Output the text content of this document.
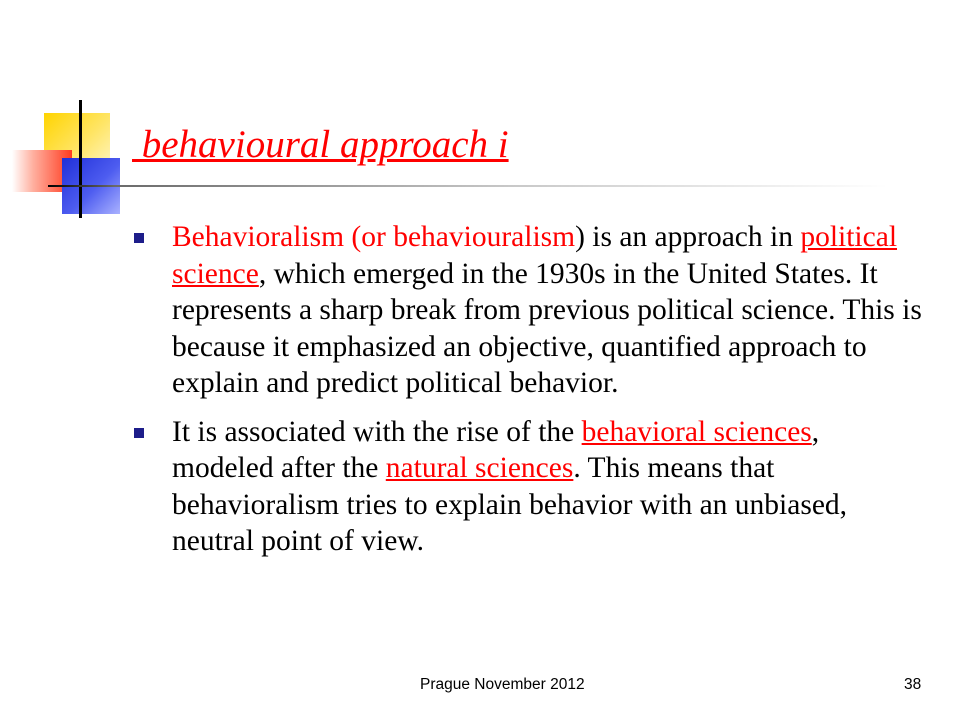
behavioural approach i
Behavioralism (or behaviouralism) is an approach in political science, which emerged in the 1930s in the United States. It represents a sharp break from previous political science. This is because it emphasized an objective, quantified approach to explain and predict political behavior.
It is associated with the rise of the behavioral sciences, modeled after the natural sciences. This means that behavioralism tries to explain behavior with an unbiased, neutral point of view.
Prague November 2012	38
